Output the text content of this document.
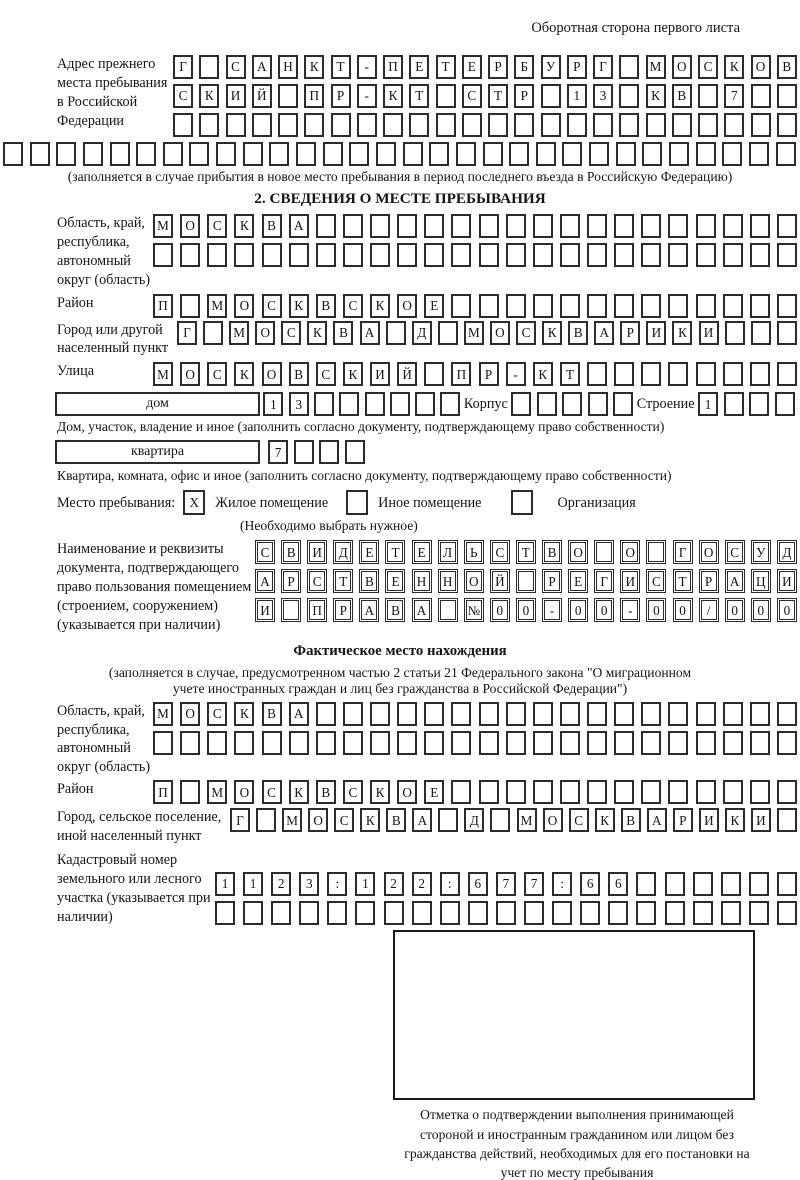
Оборотная сторона первого листа
Адрес прежнего места пребывания в Российской Федерации
Г	С	А	Н	К	Т	-	П	Е	Т	Е	Р	Б	У	Р	Г	М	О	С	К	О	В
С	К	И	Й	П	Р	-	К	Т	С	Т	Р	1	3	К	В	7
(заполняется в случае прибытия в новое место пребывания в период последнего въезда в Российскую Федерацию)
2. СВЕДЕНИЯ О МЕСТЕ ПРЕБЫВАНИЯ
Область, край, республика, автономный округ (область)
М	О	С	К	В	А
Район	П	М	О	С	К	В	С	К	О	Е
Город или другой населенный пункт
Г	М	О	С	К	В	А	Д	М	О	С	К	В	А	Р	И	К	И
Улица	М	О	С	К	О	В	С	К	И	Й	П	Р	-	К	Т
дом	1	3	Корпус	Строение 1
Дом, участок, владение и иное (заполнить согласно документу, подтверждающему право собственности)
квартира	7
Квартира, комната, офис и иное (заполнить согласно документу, подтверждающему право собственности)
Место пребывания:	X	Жилое помещение	Иное помещение	Организация
(Необходимо выбрать нужное)
Наименование и реквизиты документа, подтверждающего право пользования помещением (строением, сооружением) (указывается при наличии)
С	В	И	Д	Е	Т	Е	Л	Ь	С	Т	В	О	О	Г	О	С	У	Д
А	Р	С	Т	В	Е	Н	Н	О	Й	Р	Е	Г	И	С	Т	Р	А	Ц	И
И	П	Р	А	В	А	№	0	0	-	0	0	-	0	0	/	0	0	0
Фактическое место нахождения
(заполняется в случае, предусмотренном частью 2 статьи 21 Федерального закона "О миграционном учете иностранных граждан и лиц без гражданства в Российской Федерации")
Область, край, республика, автономный округ (область)
М	О	С	К	В	А
Район	П	М	О	С	К	В	С	К	О	Е
Город, сельское поселение, иной населенный пункт
Г	М	О	С	К	В	А	Д	М	О	С	К	В	А	Р	И	К	И
Кадастровый номер земельного или лесного участка (указывается при наличии)
1	1	2	3	:	1	2	2	:	6	7	7	:	6	6
Отметка о подтверждении выполнения принимающей стороной и иностранным гражданином или лицом без гражданства действий, необходимых для его постановки на учет по месту пребывания
